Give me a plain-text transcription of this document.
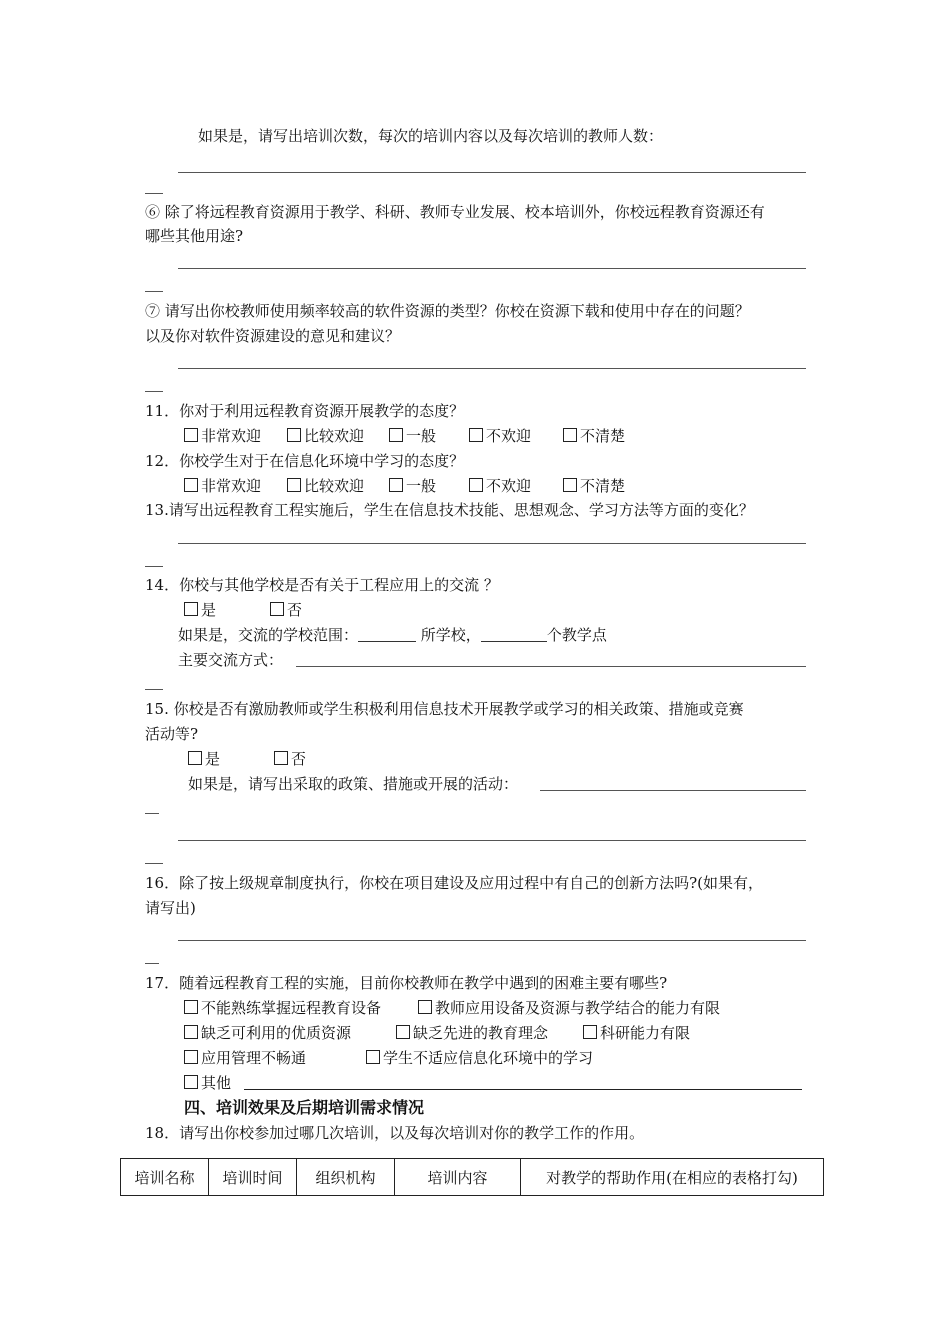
如果是，请写出培训次数，每次的培训内容以及每次培训的教师人数：
⑥ 除了将远程教育资源用于教学、科研、教师专业发展、校本培训外，你校远程教育资源还有
哪些其他用途?
⑦ 请写出你校教师使用频率较高的软件资源的类型？你校在资源下载和使用中存在的问题？
以及你对软件资源建设的意见和建议？
11．你对于利用远程教育资源开展教学的态度？
非常欢迎	比较欢迎	一般	不欢迎	不清楚
12．你校学生对于在信息化环境中学习的态度？
非常欢迎	比较欢迎	一般	不欢迎	不清楚
13.请写出远程教育工程实施后，学生在信息技术技能、思想观念、学习方法等方面的变化？
14．你校与其他学校是否有关于工程应用上的交流 ？
是	否
如果是，交流的学校范围：	所学校，	个教学点
主要交流方式：
15. 你校是否有激励教师或学生积极利用信息技术开展教学或学习的相关政策、措施或竞赛
活动等?
是	否
如果是，请写出采取的政策、措施或开展的活动：
16．除了按上级规章制度执行，你校在项目建设及应用过程中有自己的创新方法吗?(如果有，
请写出)
17．随着远程教育工程的实施，目前你校教师在教学中遇到的困难主要有哪些?
不能熟练掌握远程教育设备	教师应用设备及资源与教学结合的能力有限
缺乏可利用的优质资源	缺乏先进的教育理念	科研能力有限
应用管理不畅通	学生不适应信息化环境中的学习
其他
四、培训效果及后期培训需求情况
18．请写出你校参加过哪几次培训，以及每次培训对你的教学工作的作用。
培训名称	培训时间	组织机构	培训内容	对教学的帮助作用(在相应的表格打勾)
